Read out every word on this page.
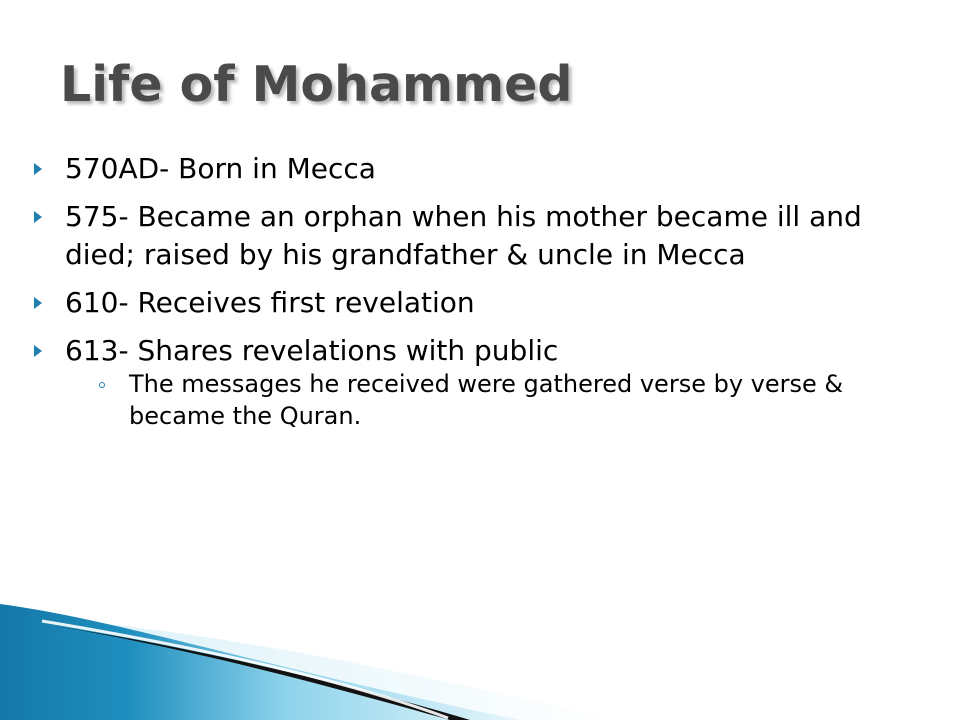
Life of Mohammed
570AD- Born in Mecca
575- Became an orphan when his mother became ill and died; raised by his grandfather & uncle in Mecca
610- Receives first revelation
613- Shares revelations with public
The messages he received were gathered verse by verse & became the Quran.
